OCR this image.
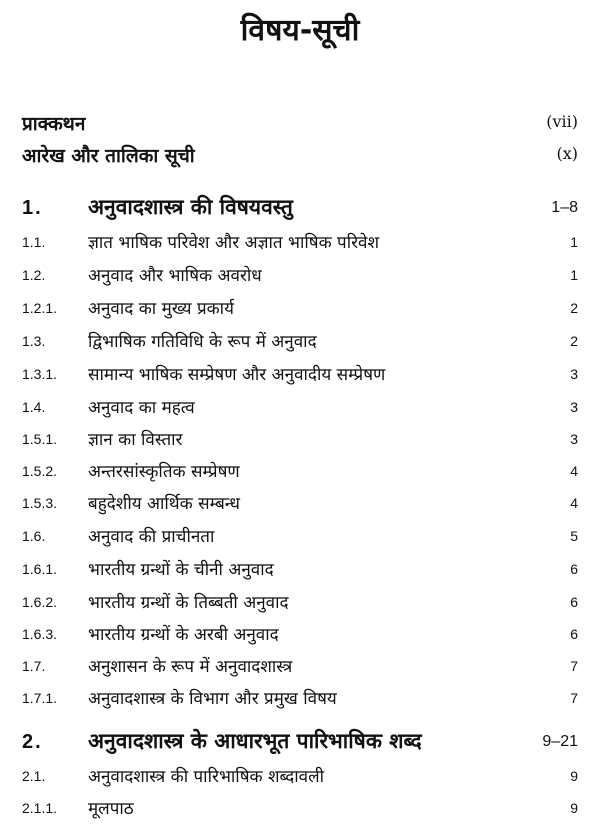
विषय-सूची
प्राक्कथन	(vii)
आरेख और तालिका सूची	(x)
1. अनुवादशास्त्र की विषयवस्तु	1–8
1.1.	ज्ञात भाषिक परिवेश और अज्ञात भाषिक परिवेश	1
1.2.	अनुवाद और भाषिक अवरोध	1
1.2.1. अनुवाद का मुख्य प्रकार्य	2
1.3.	द्विभाषिक गतिविधि के रूप में अनुवाद	2
1.3.1. सामान्य भाषिक सम्प्रेषण और अनुवादीय सम्प्रेषण	3
1.4.	अनुवाद का महत्व	3
1.5.1. ज्ञान का विस्तार	3
1.5.2. अन्तरसांस्कृतिक सम्प्रेषण	4
1.5.3. बहुदेशीय आर्थिक सम्बन्ध	4
1.6.	अनुवाद की प्राचीनता	5
1.6.1. भारतीय ग्रन्थों के चीनी अनुवाद	6
1.6.2. भारतीय ग्रन्थों के तिब्बती अनुवाद	6
1.6.3. भारतीय ग्रन्थों के अरबी अनुवाद	6
1.7.	अनुशासन के रूप में अनुवादशास्त्र	7
1.7.1. अनुवादशास्त्र के विभाग और प्रमुख विषय	7
2. अनुवादशास्त्र के आधारभूत पारिभाषिक शब्द	9–21
2.1.	अनुवादशास्त्र की पारिभाषिक शब्दावली	9
2.1.1. मूलपाठ	9
